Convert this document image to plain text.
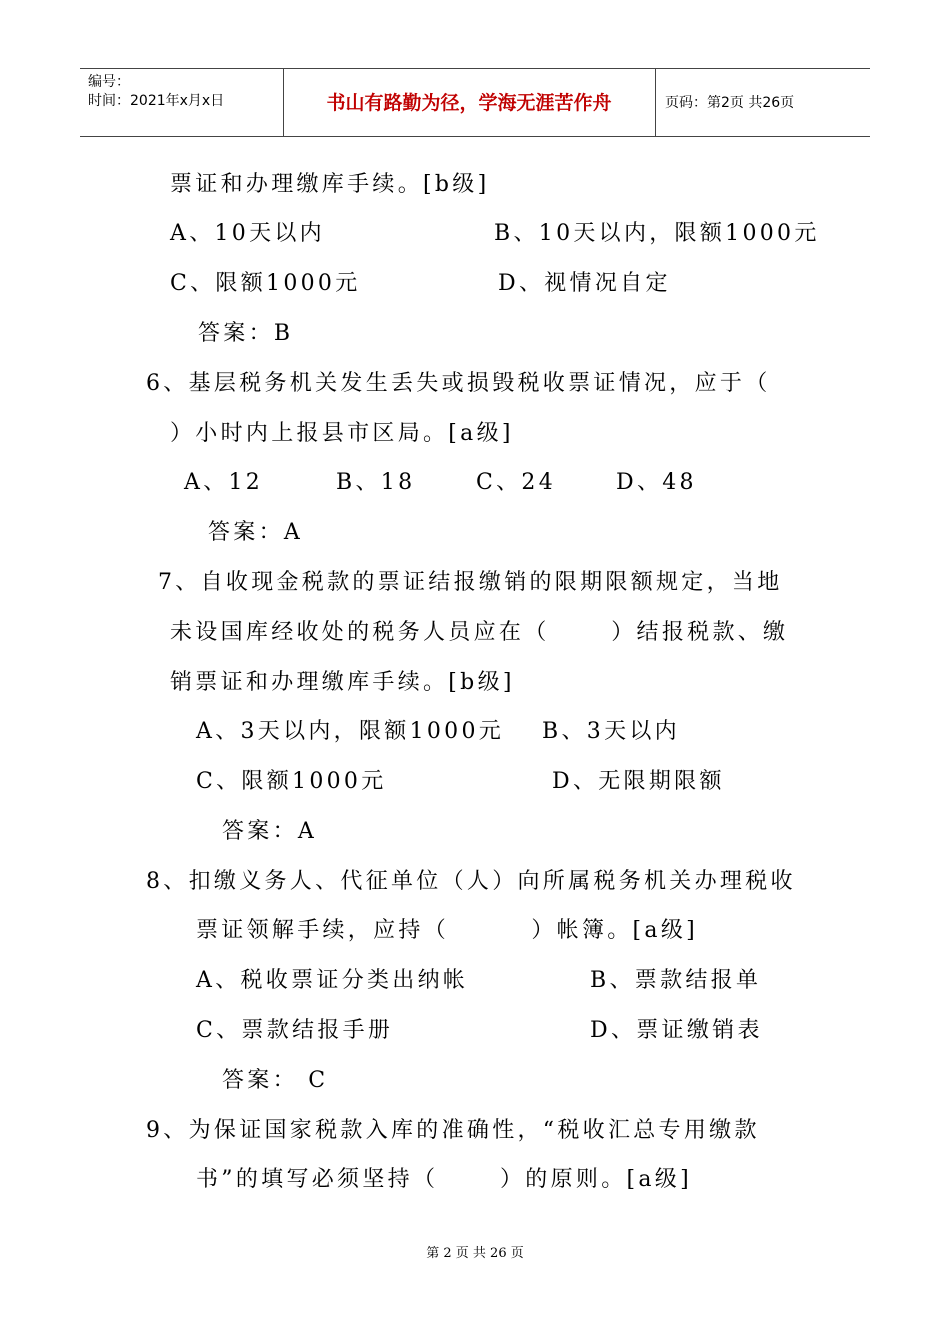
编号：
时间：2021年x月x日	书山有路勤为径，学海无涯苦作舟	页码：第2页 共26页
票证和办理缴库手续。[b级]
A、10天以内	B、10天以内，限额1000元
C、限额1000元	D、视情况自定
答案：B
6、基层税务机关发生丢失或损毁税收票证情况，应于（
）小时内上报县市区局。[a级]
A、12	B、18	C、24	D、48
答案：A
7、自收现金税款的票证结报缴销的限期限额规定，当地
未设国库经收处的税务人员应在（      ）结报税款、缴
销票证和办理缴库手续。[b级]
A、3天以内，限额1000元 B、3天以内
C、限额1000元	D、无限期限额
答案：A
8、扣缴义务人、代征单位（人）向所属税务机关办理税收
票证领解手续，应持（        ）帐簿。[a级]
A、税收票证分类出纳帐	B、票款结报单
C、票款结报手册	D、票证缴销表
答案： C
9、为保证国家税款入库的准确性，“税收汇总专用缴款
书”的填写必须坚持（      ）的原则。[a级]
第 2 页 共 26 页
